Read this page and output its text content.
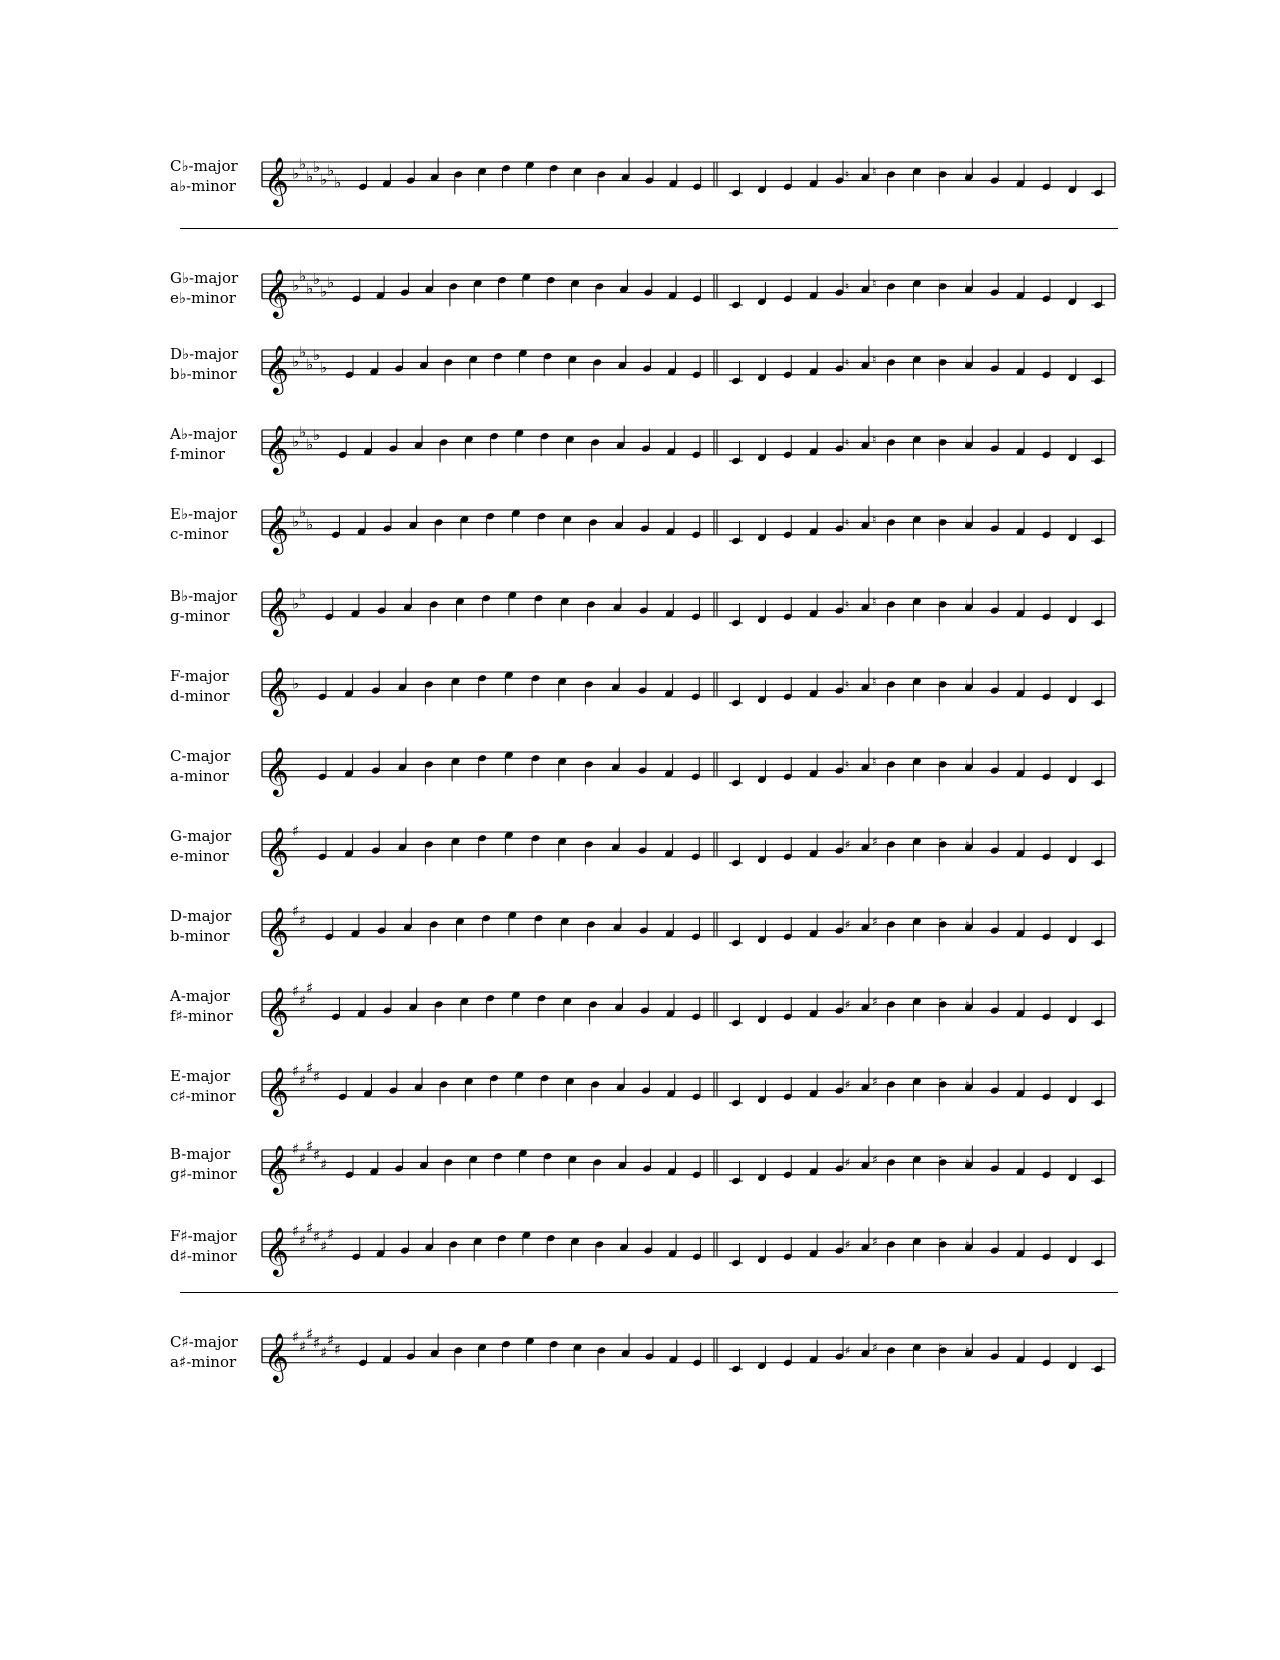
𝄞 ♭
♭
♭
♭
♭
♭
♭	♮ ♮	♭ ♭
𝄞 ♭
♭
♭
♭
♭
♭	♮ ♮	♭ ♭
𝄞 ♭
♭
♭
♭
♭	♮ ♮	♭ ♭
𝄞 ♭
♭
♭
♭	♮ ♮	♭ ♭
𝄞 ♭
♭
♭	♮ ♮	♭ ♭
𝄞 ♭
♭
♮ ♮	♭ ♭
𝄞 ♭	♮ ♮	♭ ♭
𝄞	♮ ♮	♭ ♭
𝄞 ♯
♯ ♯	♮ ♮
𝄞 ♯
♯	♯ ♯	♮ ♮
𝄞 ♯
♯
♯
♯ ♯	♮ ♮
𝄞 ♯
♯
♯
♯	♯ ♯	♮ ♮
𝄞 ♯
♯
♯
♯
♯	♯ ♯	♮ ♮
𝄞 ♯
♯
♯
♯
♯
♯
♯ ♯	♮ ♮
𝄞 ♯
♯
♯
♯
♯
♯
♯	♯ ♯	♮ ♮
C♭-major
a♭-minor
G♭-major
e♭-minor
D♭-major
b♭-minor
A♭-major
f-minor
E♭-major
c-minor
B♭-major
g-minor
F-major
d-minor
C-major
a-minor
G-major
e-minor
D-major
b-minor
A-major
f♯-minor
E-major
c♯-minor
B-major
g♯-minor
F♯-major
d♯-minor
C♯-major
a♯-minor
